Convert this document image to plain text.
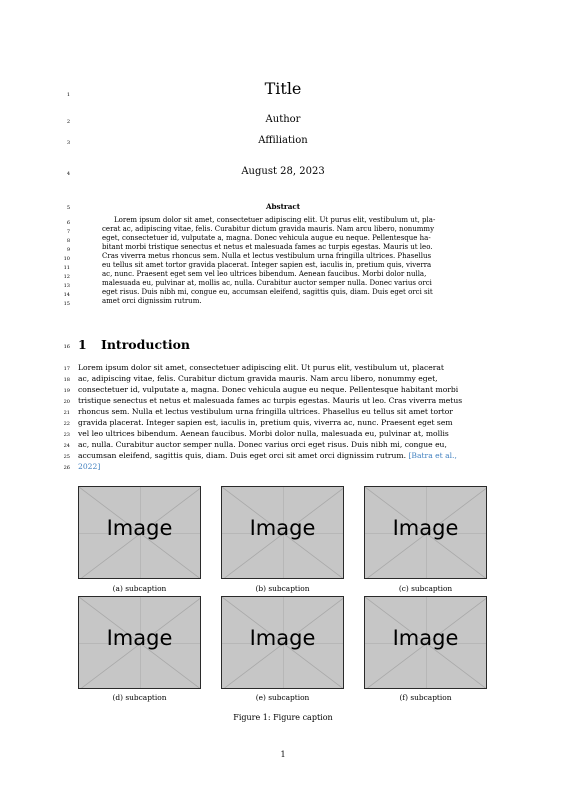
1
2
3
4
5
6
7
8
9
10
11
12
13
14
15
16
17
18
19
20
21
22
23
24
25
26
Title
Author
Affiliation
August 28, 2023
Abstract
Lorem ipsum dolor sit amet, consectetuer adipiscing elit. Ut purus elit, vestibulum ut, pla-
cerat ac, adipiscing vitae, felis. Curabitur dictum gravida mauris. Nam arcu libero, nonummy
eget, consectetuer id, vulputate a, magna. Donec vehicula augue eu neque. Pellentesque ha-
bitant morbi tristique senectus et netus et malesuada fames ac turpis egestas. Mauris ut leo.
Cras viverra metus rhoncus sem. Nulla et lectus vestibulum urna fringilla ultrices. Phasellus
eu tellus sit amet tortor gravida placerat. Integer sapien est, iaculis in, pretium quis, viverra
ac, nunc. Praesent eget sem vel leo ultrices bibendum. Aenean faucibus. Morbi dolor nulla,
malesuada eu, pulvinar at, mollis ac, nulla. Curabitur auctor semper nulla. Donec varius orci
eget risus. Duis nibh mi, congue eu, accumsan eleifend, sagittis quis, diam. Duis eget orci sit
amet orci dignissim rutrum.
1 Introduction
Lorem ipsum dolor sit amet, consectetuer adipiscing elit. Ut purus elit, vestibulum ut, placerat
ac, adipiscing vitae, felis. Curabitur dictum gravida mauris. Nam arcu libero, nonummy eget,
consectetuer id, vulputate a, magna. Donec vehicula augue eu neque. Pellentesque habitant morbi
tristique senectus et netus et malesuada fames ac turpis egestas. Mauris ut leo. Cras viverra metus
rhoncus sem. Nulla et lectus vestibulum urna fringilla ultrices. Phasellus eu tellus sit amet tortor
gravida placerat. Integer sapien est, iaculis in, pretium quis, viverra ac, nunc. Praesent eget sem
vel leo ultrices bibendum. Aenean faucibus. Morbi dolor nulla, malesuada eu, pulvinar at, mollis
ac, nulla. Curabitur auctor semper nulla. Donec varius orci eget risus. Duis nibh mi, congue eu,
accumsan eleifend, sagittis quis, diam. Duis eget orci sit amet orci dignissim rutrum. [Batra et al.,
2022]
Image	Image	Image
(a) subcaption	(b) subcaption	(c) subcaption
Image	Image	Image
(d) subcaption	(e) subcaption	(f) subcaption
Figure 1: Figure caption
1
